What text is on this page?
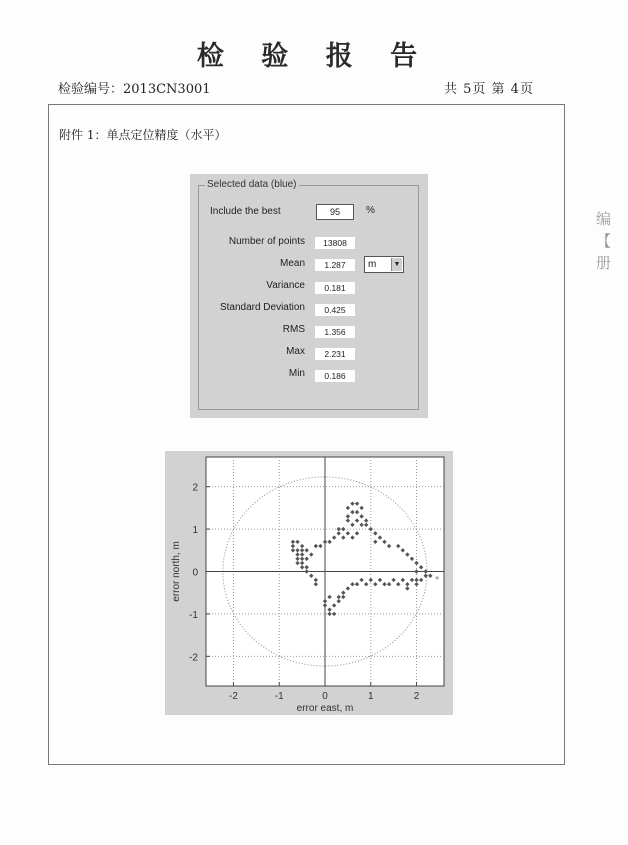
检 验 报 告
检验编号：2013CN3001	共 5页 第 4页
附件 1：单点定位精度（水平）
Selected data (blue)
Include the best	95	%
Number of points	13808
Mean	1.287	m	▼
Variance	0.181
Standard Deviation	0.425
RMS	1.356
Max	2.231
Min	0.186
-2	-1	0	1	2
2
1
0
-1
-2
error east, m
error north, m
编 【 册
